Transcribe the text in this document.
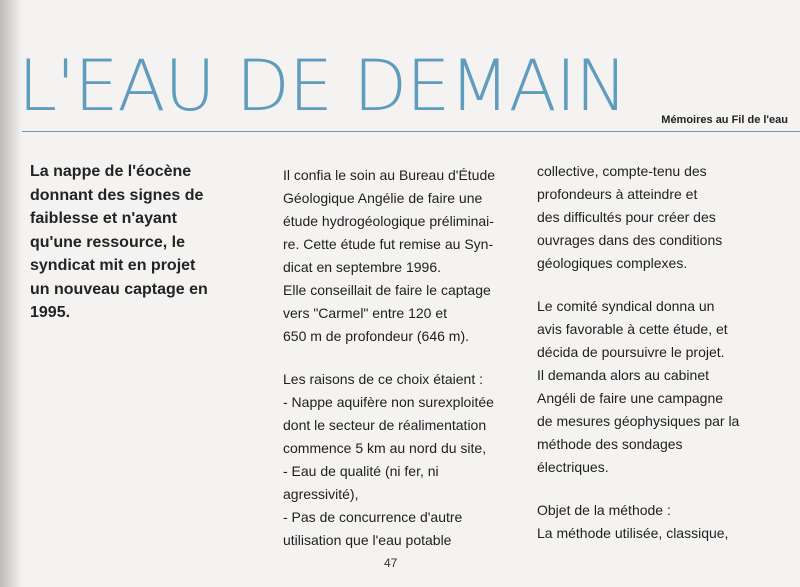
L'EAU DE DEMAIN	Mémoires au Fil de l'eau
La nappe de l'éocène
donnant des signes de
faiblesse et n'ayant
qu'une ressource, le
syndicat mit en projet
un nouveau captage en
1995.

Il confia le soin au Bureau d'Étude
Géologique Angélie de faire une
étude hydrogéologique préliminai-
re. Cette étude fut remise au Syn-
dicat en septembre 1996.
Elle conseillait de faire le captage
vers "Carmel" entre 120 et
650 m de profondeur (646 m).

Les raisons de ce choix étaient :
- Nappe aquifère non surexploitée
dont le secteur de réalimentation
commence 5 km au nord du site,
- Eau de qualité (ni fer, ni
agressivité),
- Pas de concurrence d'autre
utilisation que l'eau potable

collective, compte-tenu des
profondeurs à atteindre et
des difficultés pour créer des
ouvrages dans des conditions
géologiques complexes.

Le comité syndical donna un
avis favorable à cette étude, et
décida de poursuivre le projet.
Il demanda alors au cabinet
Angéli de faire une campagne
de mesures géophysiques par la
méthode des sondages
électriques.

Objet de la méthode :
La méthode utilisée, classique,

47
